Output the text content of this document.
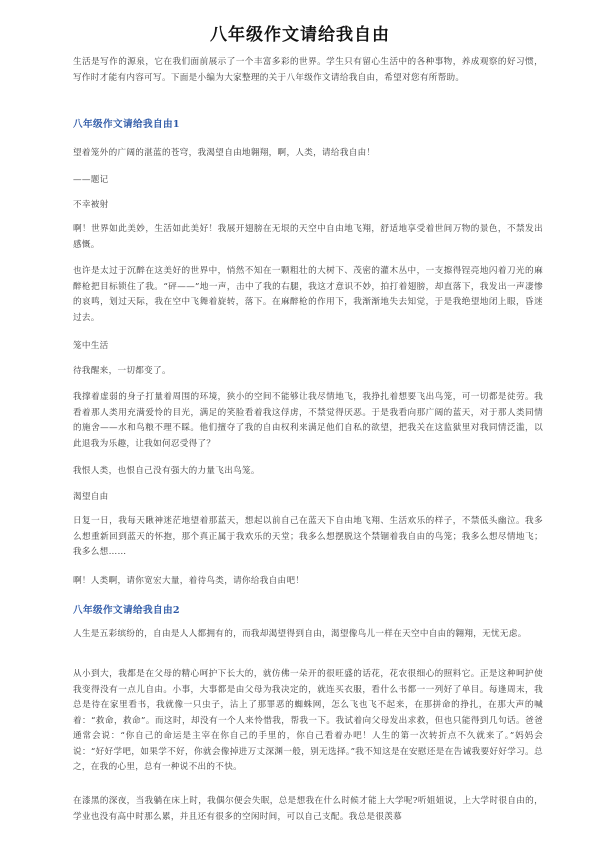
八年级作文请给我自由

生活是写作的源泉，它在我们面前展示了一个丰富多彩的世界。学生只有留心生活中的各种事物，养成观察的好习惯，写作时才能有内容可写。下面是小编为大家整理的关于八年级作文请给我自由，希望对您有所帮助。

八年级作文请给我自由1

望着笼外的广阔的湛蓝的苍穹，我渴望自由地翱翔，啊，人类，请给我自由！

——题记

不幸被射

啊！世界如此美妙，生活如此美好！我展开翅膀在无垠的天空中自由地飞翔，舒适地享受着世间万物的景色，不禁发出感慨。

也许是太过于沉醉在这美好的世界中，悄然不知在一颗粗壮的大树下、茂密的灌木丛中，一支擦得锃亮地闪着刀光的麻醉枪把目标锁住了我。“砰——”地一声，击中了我的右腿，我这才意识不妙，拍打着翅膀，却直落下，我发出一声凄惨的哀鸣，划过天际，我在空中飞舞着旋转，落下。在麻醉枪的作用下，我渐渐地失去知觉，于是我绝望地闭上眼，昏迷过去。

笼中生活

待我醒来，一切都变了。

我撑着虚弱的身子打量着周围的环境，狭小的空间不能够让我尽情地飞，我挣扎着想要飞出鸟笼，可一切都是徒劳。我看着那人类用充满爱怜的目光，满足的笑脸看着我这俘虏，不禁觉得厌恶。于是我看向那广阔的蓝天，对于那人类同情的施舍——水和鸟粮不理不睬。他们擅夺了我的自由权利来满足他们自私的欲望，把我关在这监狱里对我同情泛滥，以此退我为乐趣，让我如何忍受得了？

我恨人类，也恨自己没有强大的力量飞出鸟笼。

渴望自由

日复一日，我每天瞅神迷茫地望着那蓝天，想起以前自己在蓝天下自由地飞翔、生活欢乐的样子，不禁低头幽泣。我多么想重新回到蓝天的怀抱，那个真正属于我欢乐的天堂；我多么想摆脱这个禁锢着我自由的鸟笼；我多么想尽情地飞；我多么想……

啊！人类啊，请你宽宏大量，着待鸟类，请你给我自由吧！

八年级作文请给我自由2

人生是五彩缤纷的，自由是人人都拥有的，而我却渴望得到自由，渴望像鸟儿一样在天空中自由的翱翔，无忧无虑。

从小到大，我都是在父母的精心呵护下长大的，就仿佛一朵开的很旺盛的话花，花农很细心的照料它。正是这种呵护使我变得没有一点儿自由。小事，大事都是由父母为我决定的，就连买衣服，看什么书都一一列好了单目。每逢周末，我总是待在家里看书，我就像一只虫子，沾上了那罪恶的蜘蛛网，怎么飞也飞不起来，在那拼命的挣扎，在那大声的喊着：“救命，救命”。而这时，却没有一个人来怜惜我，帮我一下。我试着向父母发出求救，但也只能得到几句话。爸爸通常会说：“你自己的命运是主宰在你自己的手里的，你自己看着办吧！人生的第一次转折点不久就来了。”妈妈会说：“好好学吧，如果学不好，你就会像掉进万丈深渊一般，别无选择。”我不知这是在安慰还是在告诫我要好好学习。总之，在我的心里，总有一种说不出的不快。

在漆黑的深夜，当我躺在床上时，我偶尔便会失眠，总是想我在什么时候才能上大学呢?听姐姐说，上大学时很自由的，学业也没有高中时那么累，并且还有很多的空闲时间，可以自己支配。我总是很羡慕
